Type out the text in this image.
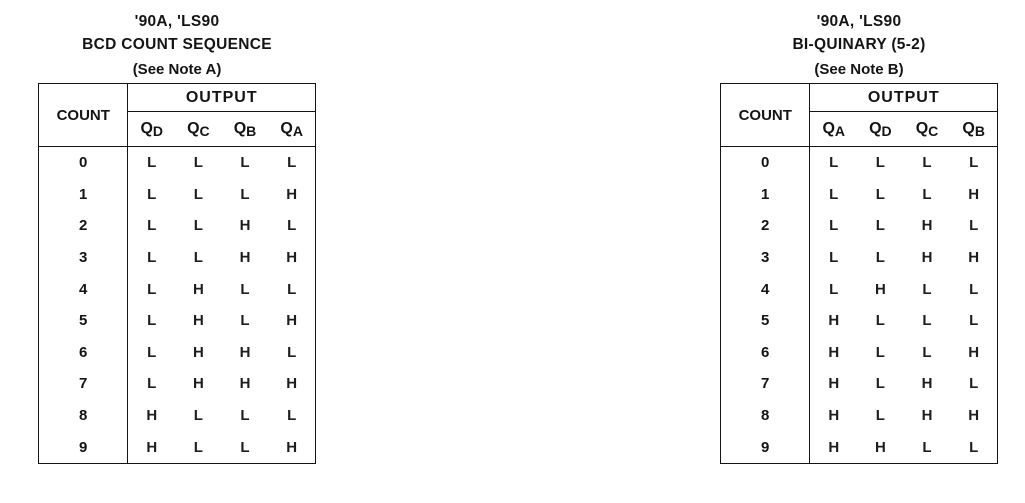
'90A, 'LS90
BCD COUNT SEQUENCE
(See Note A)
COUNT	OUTPUT			
	$Q_D$	$Q_C$	$Q_B$	$Q_A$
0	L	L	L	L
1	L	L	L	H
2	L	L	H	L
3	L	L	H	H
4	L	H	L	L
5	L	H	L	H
6	L	H	H	L
7	L	H	H	H
8	H	L	L	L
9	H	L	L	H
'90A, 'LS90
BI-QUINARY (5-2)
(See Note B)
COUNT	OUTPUT			
	$Q_A$	$Q_D$	$Q_C$	$Q_B$
0	L	L	L	L
1	L	L	L	H
2	L	L	H	L
3	L	L	H	H
4	L	H	L	L
5	H	L	L	L
6	H	L	L	H
7	H	L	H	L
8	H	L	H	H
9	H	H	L	L
